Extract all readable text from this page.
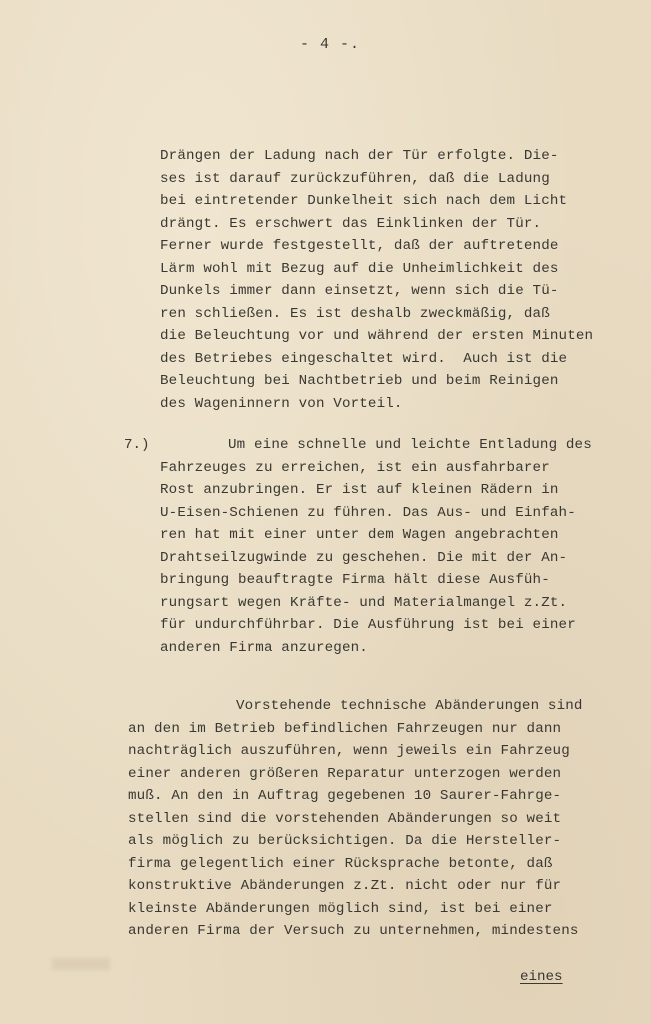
- 4 -.
Drängen der Ladung nach der Tür erfolgte. Die-
ses ist darauf zurückzuführen, daß die Ladung
bei eintretender Dunkelheit sich nach dem Licht
drängt. Es erschwert das Einklinken der Tür.
Ferner wurde festgestellt, daß der auftretende
Lärm wohl mit Bezug auf die Unheimlichkeit des
Dunkels immer dann einsetzt, wenn sich die Tü-
ren schließen. Es ist deshalb zweckmäßig, daß
die Beleuchtung vor und während der ersten Minuten
des Betriebes eingeschaltet wird.  Auch ist die
Beleuchtung bei Nachtbetrieb und beim Reinigen
des Wageninnern von Vorteil.
7.)	Um eine schnelle und leichte Entladung des
Fahrzeuges zu erreichen, ist ein ausfahrbarer
Rost anzubringen. Er ist auf kleinen Rädern in
U-Eisen-Schienen zu führen. Das Aus- und Einfah-
ren hat mit einer unter dem Wagen angebrachten
Drahtseilzugwinde zu geschehen. Die mit der An-
bringung beauftragte Firma hält diese Ausfüh-
rungsart wegen Kräfte- und Materialmangel z.Zt.
für undurchführbar. Die Ausführung ist bei einer
anderen Firma anzuregen.
Vorstehende technische Abänderungen sind
an den im Betrieb befindlichen Fahrzeugen nur dann
nachträglich auszuführen, wenn jeweils ein Fahrzeug
einer anderen größeren Reparatur unterzogen werden
muß. An den in Auftrag gegebenen 10 Saurer-Fahrge-
stellen sind die vorstehenden Abänderungen so weit
als möglich zu berücksichtigen. Da die Hersteller-
firma gelegentlich einer Rücksprache betonte, daß
konstruktive Abänderungen z.Zt. nicht oder nur für
kleinste Abänderungen möglich sind, ist bei einer
anderen Firma der Versuch zu unternehmen, mindestens
eines
